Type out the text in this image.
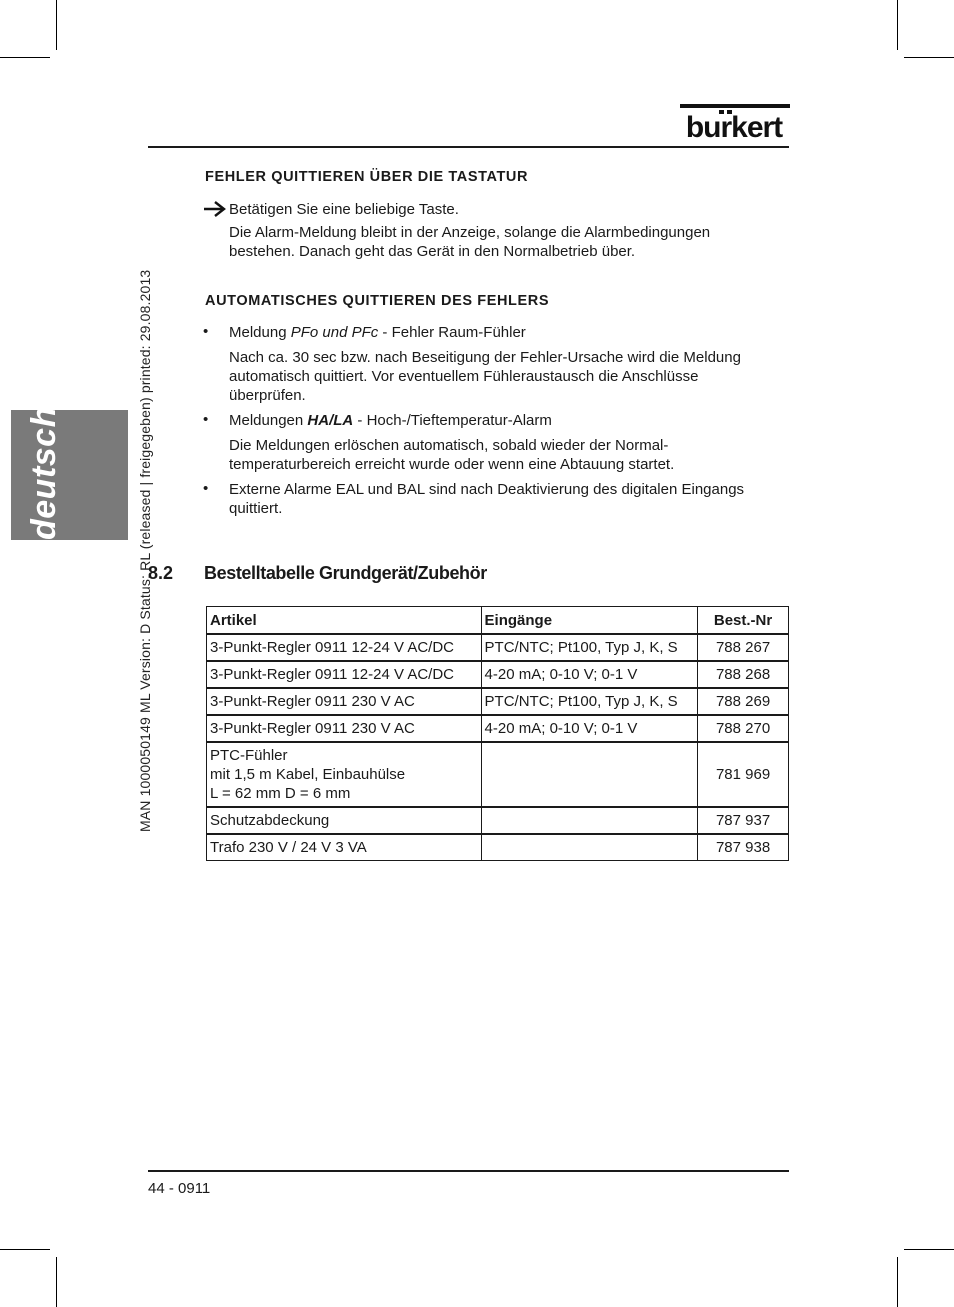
deutsch	MAN 1000050149 ML Version: D Status: RL (released | freigegeben) printed: 29.08.2013
burkert
FEHLER QUITTIEREN ÜBER DIE TASTATUR
Betätigen Sie eine beliebige Taste.
Die Alarm-Meldung bleibt in der Anzeige, solange die Alarmbedingungen bestehen. Danach geht das Gerät in den Normalbetrieb über.
AUTOMATISCHES QUITTIEREN DES FEHLERS
• Meldung PFo und PFc - Fehler Raum-Fühler
Nach ca. 30 sec bzw. nach Beseitigung der Fehler-Ursache wird die Meldung automatisch quittiert. Vor eventuellem Fühleraustausch die Anschlüsse überprüfen.
• Meldungen HA/LA - Hoch-/Tieftemperatur-Alarm
Die Meldungen erlöschen automatisch, sobald wieder der Normal-temperaturbereich erreicht wurde oder wenn eine Abtauung startet.
• Externe Alarme EAL und BAL sind nach Deaktivierung des digitalen Eingangs quittiert.
8.2 Bestelltabelle Grundgerät/Zubehör
Artikel	Eingänge	Best.-Nr
3-Punkt-Regler 0911 12-24 V AC/DC	PTC/NTC; Pt100, Typ J, K, S	788 267
3-Punkt-Regler 0911 12-24 V AC/DC	4-20 mA; 0-10 V; 0-1 V	788 268
3-Punkt-Regler 0911 230 V AC	PTC/NTC; Pt100, Typ J, K, S	788 269
3-Punkt-Regler 0911 230 V AC	4-20 mA; 0-10 V; 0-1 V	788 270

PTC-Fühler
mit 1,5 m Kabel, Einbauhülse
L = 62 mm D = 6 mm		781 969
Schutzabdeckung		787 937
Trafo 230 V / 24 V 3 VA		787 938
44 - 0911
